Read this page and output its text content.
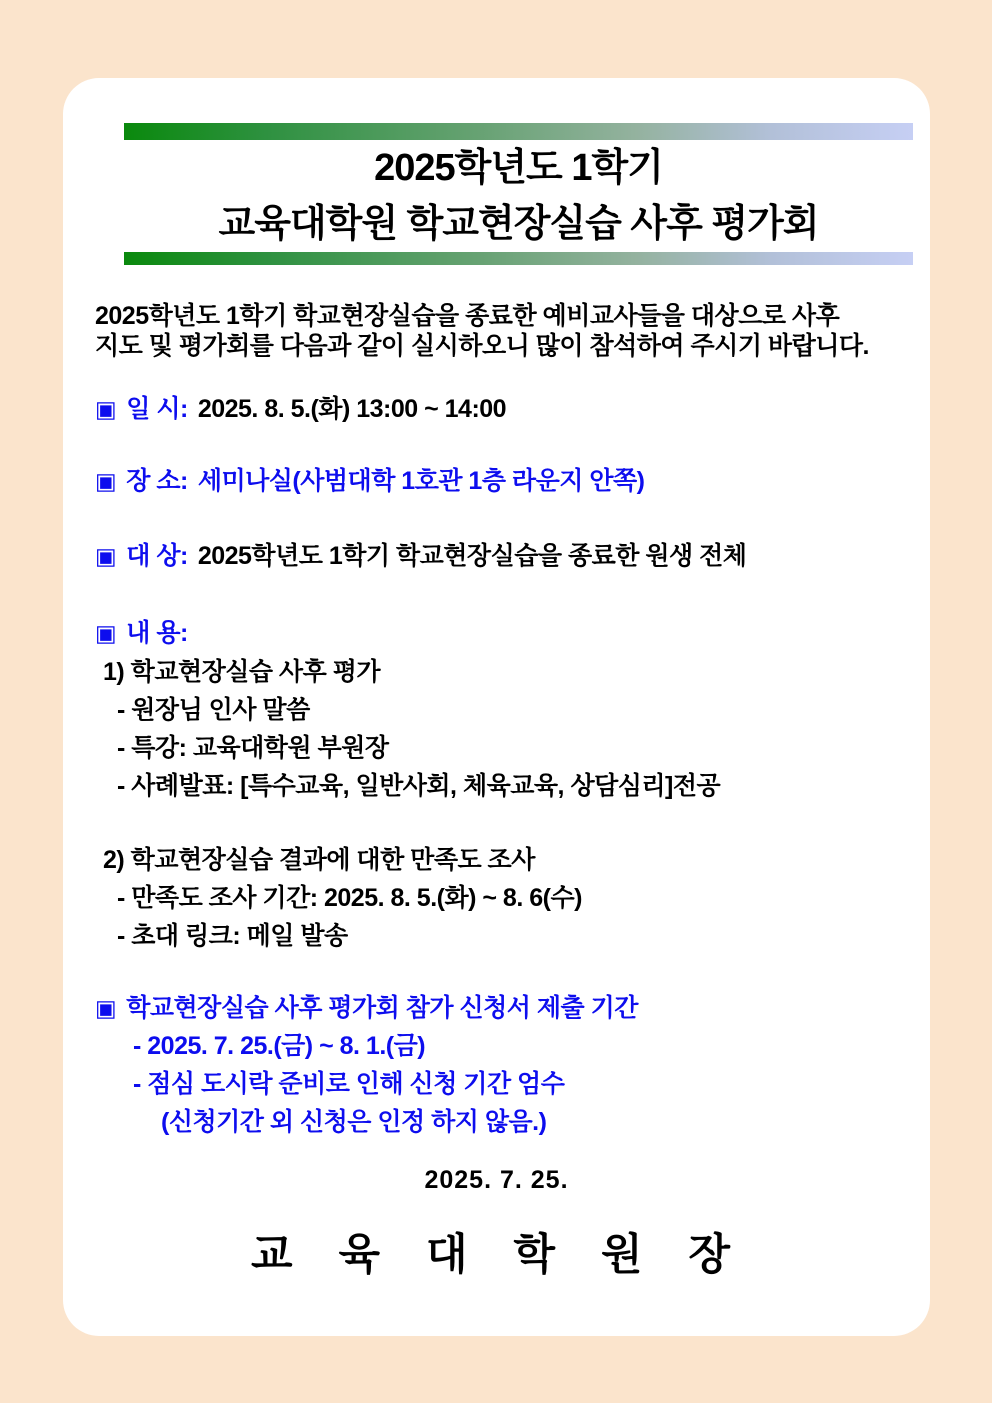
2025학년도 1학기
교육대학원 학교현장실습 사후 평가회
2025학년도 1학기 학교현장실습을 종료한 예비교사들을 대상으로 사후
지도 및 평가회를 다음과 같이 실시하오니 많이 참석하여 주시기 바랍니다.
▣ 일 시: 2025. 8. 5.(화) 13:00 ~ 14:00
▣ 장 소: 세미나실(사범대학 1호관 1층 라운지 안쪽)
▣ 대 상: 2025학년도 1학기 학교현장실습을 종료한 원생 전체
▣ 내 용:
1) 학교현장실습 사후 평가
- 원장님 인사 말씀
- 특강: 교육대학원 부원장
- 사례발표: [특수교육, 일반사회, 체육교육, 상담심리]전공
2) 학교현장실습 결과에 대한 만족도 조사
- 만족도 조사 기간: 2025. 8. 5.(화) ~ 8. 6(수)
- 초대 링크: 메일 발송
▣ 학교현장실습 사후 평가회 참가 신청서 제출 기간
- 2025. 7. 25.(금) ~ 8. 1.(금)
- 점심 도시락 준비로 인해 신청 기간 엄수
(신청기간 외 신청은 인정 하지 않음.)
2025. 7. 25.
교 육 대 학 원 장
